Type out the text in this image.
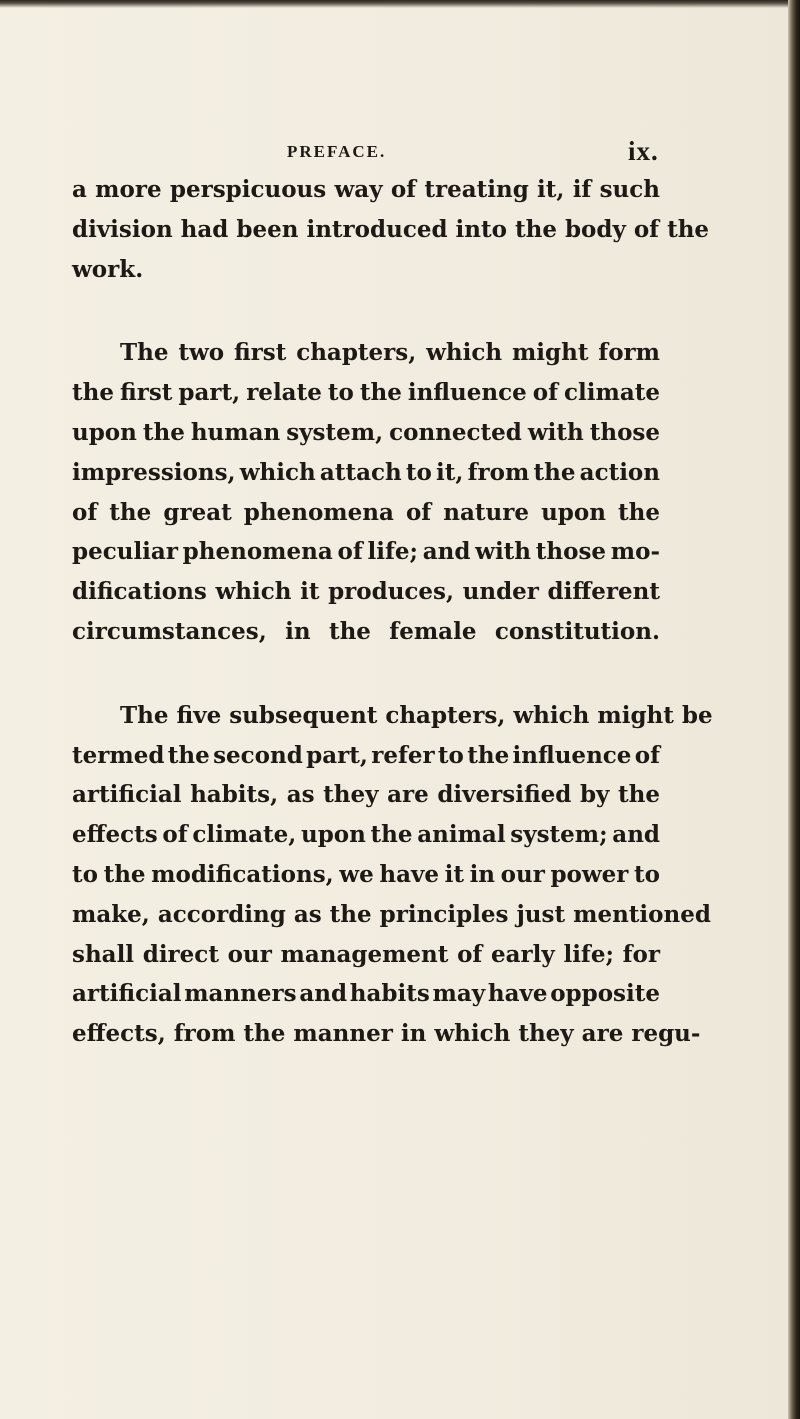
PREFACE.	ix.

a more perspicuous way of treating it, if such
division had been introduced into the body of the
work.

The two first chapters, which might form
the first part, relate to the influence of climate
upon the human system, connected with those
impressions, which attach to it, from the action
of the great phenomena of nature upon the
peculiar phenomena of life; and with those mo-
difications which it produces, under different
circumstances, in the female constitution.

The five subsequent chapters, which might be
termed the second part, refer to the influence of
artificial habits, as they are diversified by the
effects of climate, upon the animal system; and
to the modifications, we have it in our power to
make, according as the principles just mentioned
shall direct our management of early life; for
artificial manners and habits may have opposite
effects, from the manner in which they are regu-
